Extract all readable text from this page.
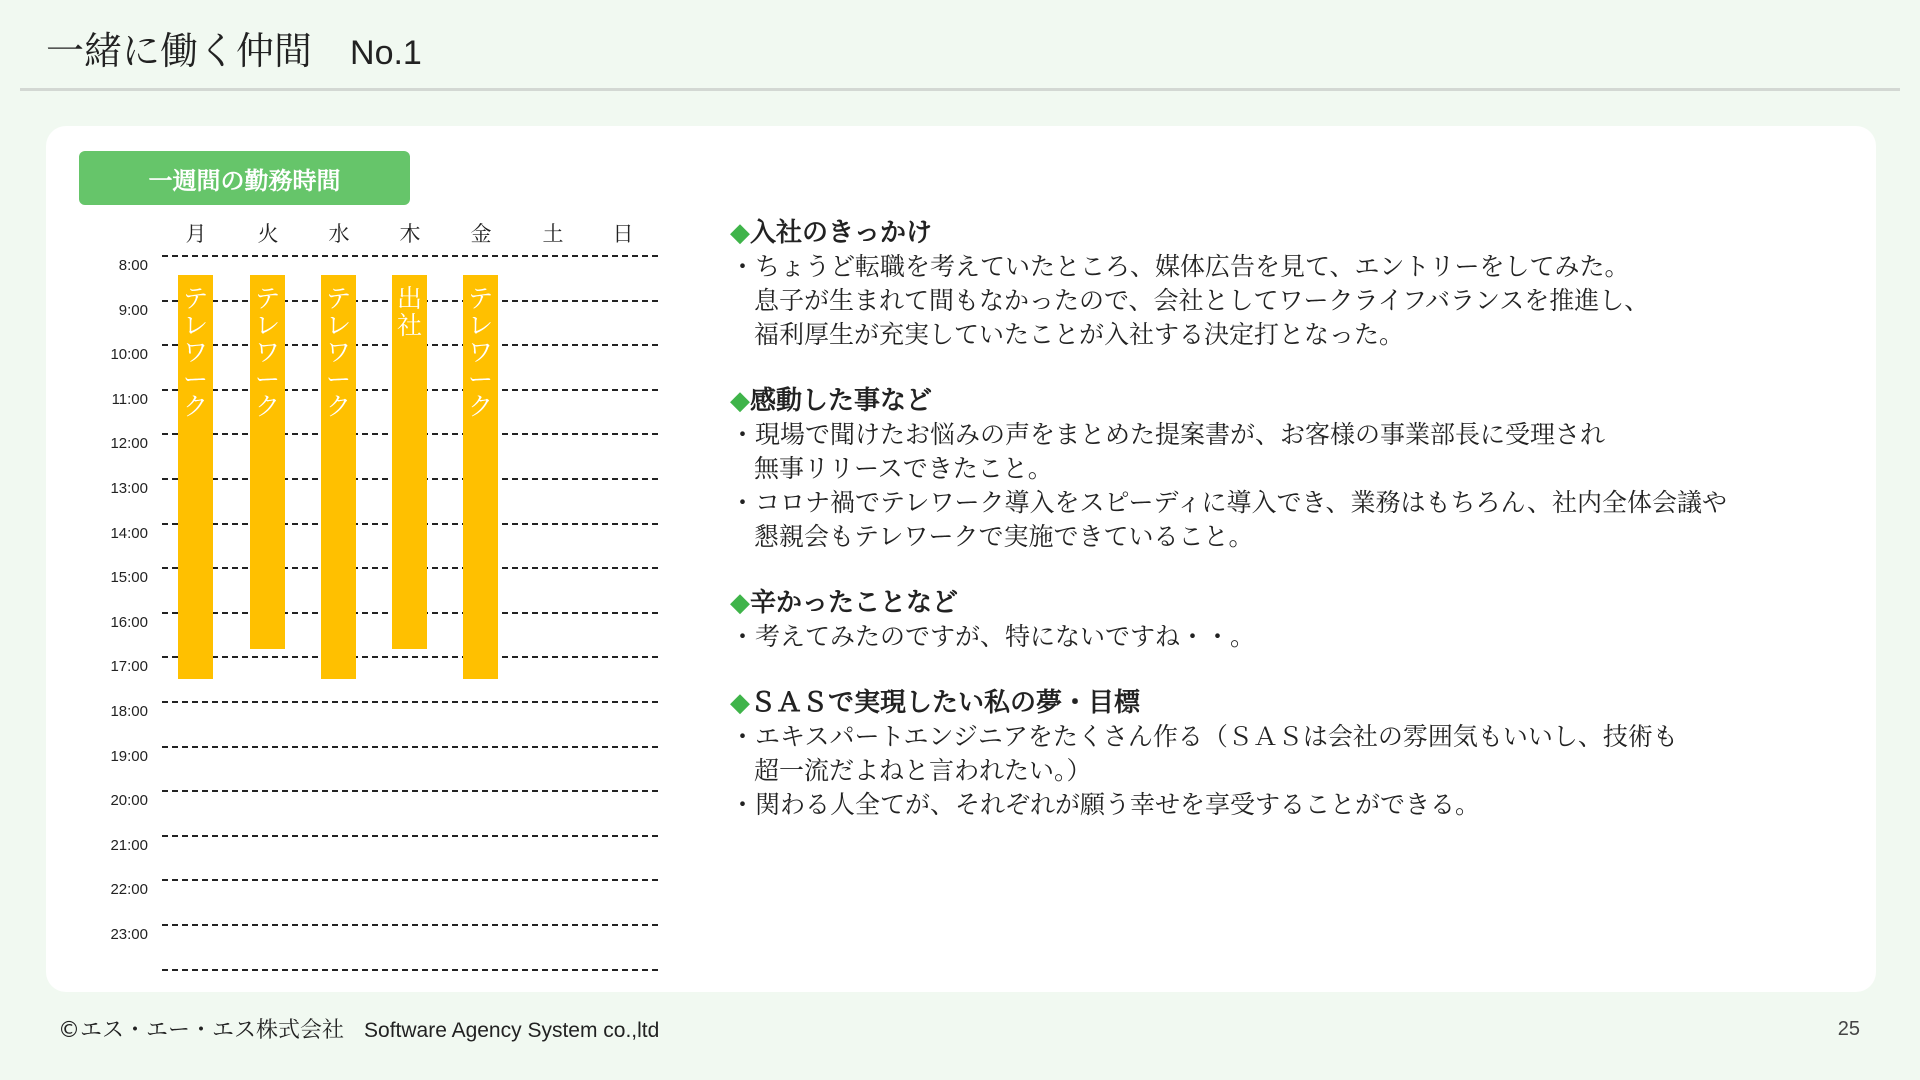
一緒に働く仲間 No.1
一週間の勤務時間
月	火	水	木	金	土	日
8:00
9:00
10:00
11:00
12:00
13:00
14:00
15:00
16:00
17:00
18:00
19:00
20:00
21:00
22:00
23:00
テレワーク
テレワーク
テレワーク
出社
テレワーク
◆入社のきっかけ

・ちょうど転職を考えていたところ、媒体広告を見て、エントリーをしてみた。

息子が生まれて間もなかったので、会社としてワークライフバランスを推進し、

福利厚生が充実していたことが入社する決定打となった。

◆感動した事など

・現場で聞けたお悩みの声をまとめた提案書が、お客様の事業部長に受理され

無事リリースできたこと。

・コロナ禍でテレワーク導入をスピーディに導入でき、業務はもちろん、社内全体会議や

懇親会もテレワークで実施できていること。

◆辛かったことなど

・考えてみたのですが、特にないですね・・。

◆ＳＡＳで実現したい私の夢・目標

・エキスパートエンジニアをたくさん作る（ＳＡＳは会社の雰囲気もいいし、技術も

超一流だよねと言われたい。）

・関わる人全てが、それぞれが願う幸せを享受することができる。

©エス・エー・エス株式会社 Software Agency System co.,ltd	25
